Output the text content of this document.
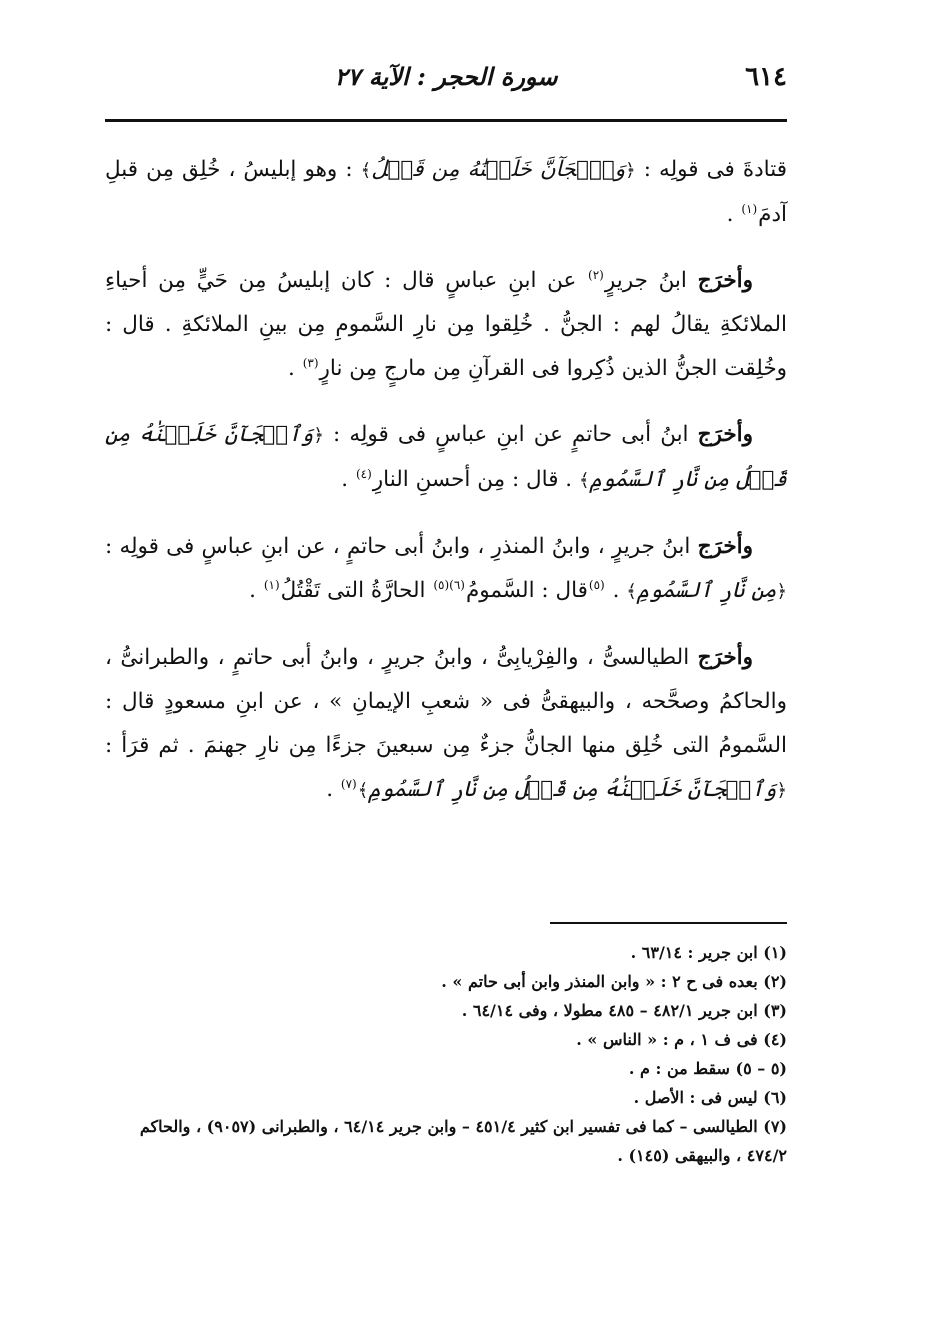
٦١٤
سورة الحجر : الآية ٢٧

قتادةَ فى قولِه : ﴿وَٱلۡجَآنَّ خَلَقۡنَٰهُ مِن قَبۡلُ﴾ : وهو إبليسُ ، خُلِق مِن قبلِ آدمَ$^{(١)}$ .

وأخرَج ابنُ جريرٍ$^{(٢)}$ عن ابنِ عباسٍ قال : كان إبليسُ مِن حَيٍّ مِن أحياءِ الملائكةِ يقالُ لهم : الجنُّ . خُلِقوا مِن نارِ السَّمومِ مِن بينِ الملائكةِ . قال : وخُلِقت الجنُّ الذين ذُكِروا فى القرآنِ مِن مارجٍ مِن نارٍ$^{(٣)}$ .

وأخرَج ابنُ أبى حاتمٍ عن ابنِ عباسٍ فى قولِه : ﴿وَٱلۡجَآنَّ خَلَقۡنَٰهُ مِن قَبۡلُ مِن نَّارِ ٱلسَّمُومِ﴾ . قال : مِن أحسنِ النارِ$^{(٤)}$ .

وأخرَج ابنُ جريرٍ ، وابنُ المنذرِ ، وابنُ أبى حاتمٍ ، عن ابنِ عباسٍ فى قولِه : ﴿مِن نَّارِ ٱلسَّمُومِ﴾ . $^{(٥)}$قال : السَّمومُ$^{(٦)(٥)}$ الحارَّةُ التى تَقْتُلُ$^{(١)}$ .

وأخرَج الطيالسىُّ ، والفِرْيابِىُّ ، وابنُ جريرٍ ، وابنُ أبى حاتمٍ ، والطبرانىُّ ، والحاكمُ وصحَّحه ، والبيهقىُّ فى « شعبِ الإيمانِ » ، عن ابنِ مسعودٍ قال : السَّمومُ التى خُلِق منها الجانُّ جزءٌ مِن سبعينَ جزءًا مِن نارِ جهنمَ . ثم قرَأ : ﴿وَٱلۡجَآنَّ خَلَقۡنَٰهُ مِن قَبۡلُ مِن نَّارِ ٱلسَّمُومِ﴾$^{(٧)}$ .

(١) ابن جرير : ٦٣/١٤ .

(٢) بعده فى ح ٢ : « وابن المنذر وابن أبى حاتم » .

(٣) ابن جرير ٤٨٢/١ – ٤٨٥ مطولا ، وفى ٦٤/١٤ .

(٤) فى ف ١ ، م : « الناس » .

(٥ – ٥) سقط من : م .

(٦) ليس فى : الأصل .

(٧) الطيالسى – كما فى تفسير ابن كثير ٤٥١/٤ – وابن جرير ٦٤/١٤ ، والطبرانى (٩٠٥٧) ، والحاكم ٤٧٤/٢ ، والبيهقى (١٤٥) .
